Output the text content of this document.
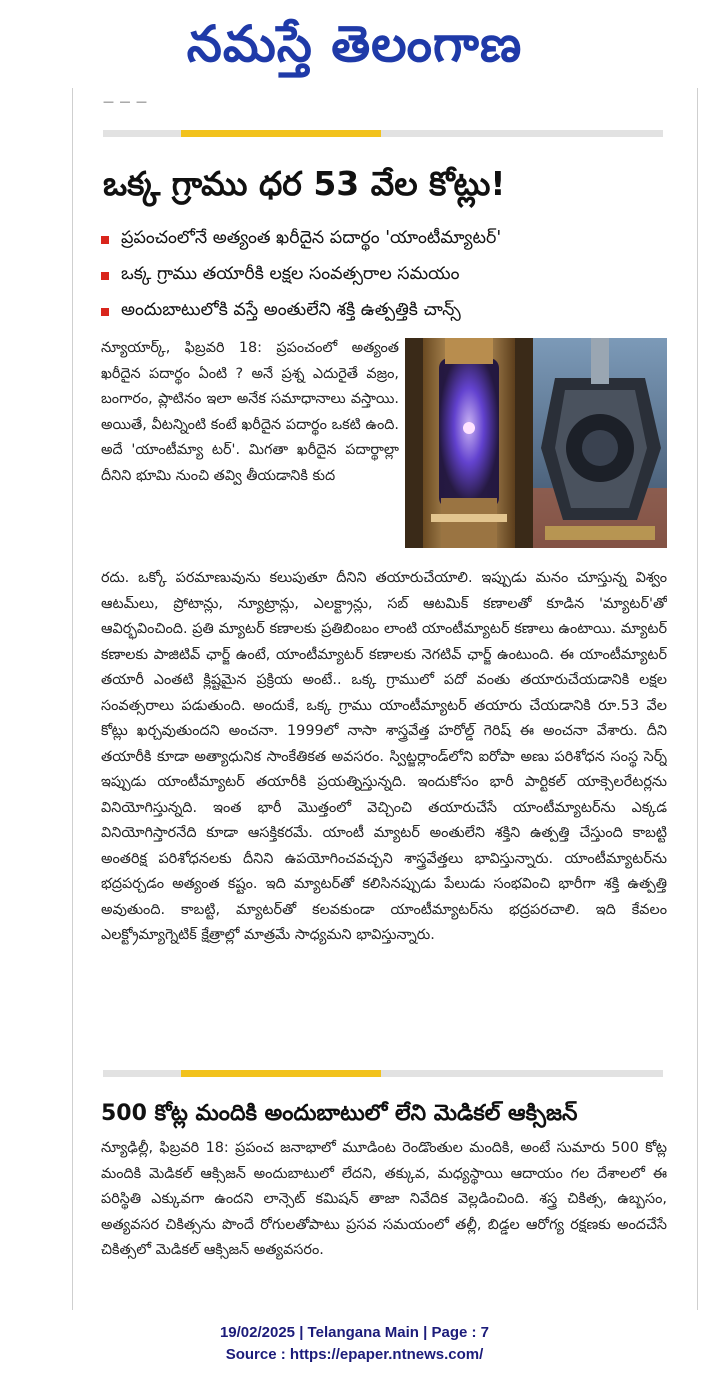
నమస్తే తెలంగాణ
— — —
ఒక్క గ్రాము ధర 53 వేల కోట్లు!
ప్రపంచంలోనే అత్యంత ఖరీదైన పదార్థం 'యాంటీమ్యాటర్'
ఒక్క గ్రాము తయారీకి లక్షల సంవత్సరాల సమయం
అందుబాటులోకి వస్తే అంతులేని శక్తి ఉత్పత్తికి చాన్స్
న్యూయార్క్, ఫిబ్రవరి 18: ప్రపంచంలో అత్యంత ఖరీదైన పదార్థం ఏంటి ? అనే ప్రశ్న ఎదురైతే వజ్రం, బంగారం, ప్లాటినం ఇలా అనేక సమాధానాలు వస్తాయి. అయితే, వీటన్నింటి కంటే ఖరీదైన పదార్థం ఒకటి ఉంది. అదే 'యాంటీమ్యా టర్'. మిగతా ఖరీదైన పదార్థాల్లా దీనిని భూమి నుంచి తవ్వి తీయడానికి కుద
రదు. ఒక్కో పరమాణువును కలుపుతూ దీనిని తయారుచేయాలి. ఇప్పుడు మనం చూస్తున్న విశ్వం ఆటమ్‌లు, ప్రోటాన్లు, న్యూట్రాన్లు, ఎలక్ట్రాన్లు, సబ్ ఆటమిక్ కణాలతో కూడిన 'మ్యాటర్'తో ఆవిర్భవించింది. ప్రతి మ్యాటర్ కణాలకు ప్రతిబింబం లాంటి యాంటీమ్యాటర్ కణాలు ఉంటాయి. మ్యాటర్ కణాలకు పాజిటివ్ ఛార్జ్ ఉంటే, యాంటీమ్యాటర్ కణాలకు నెగటివ్ ఛార్జ్ ఉంటుంది. ఈ యాంటీమ్యాటర్ తయారీ ఎంతటి క్లిష్టమైన ప్రక్రియ అంటే.. ఒక్క గ్రాములో పదో వంతు తయారుచేయడానికి లక్షల సంవత్సరాలు పడుతుంది. అందుకే, ఒక్క గ్రాము యాంటీమ్యాటర్ తయారు చేయడానికి రూ.53 వేల కోట్లు ఖర్చవుతుందని అంచనా. 1999లో నాసా శాస్త్రవేత్త హరోల్డ్ గెరిష్ ఈ అంచనా వేశారు. దీని తయారీకి కూడా అత్యాధునిక సాంకేతికత అవసరం. స్విట్జర్లాండ్‌లోని ఐరోపా అణు పరిశోధన సంస్థ సెర్న్ ఇప్పుడు యాంటీమ్యాటర్ తయారీకి ప్రయత్నిస్తున్నది. ఇందుకోసం భారీ పార్టికల్ యాక్సెలరేటర్లను వినియోగిస్తున్నది. ఇంత భారీ మొత్తంలో వెచ్చించి తయారుచేసే యాంటీమ్యాటర్‌ను ఎక్కడ వినియోగిస్తారనేది కూడా ఆసక్తికరమే. యాంటీ మ్యాటర్ అంతులేని శక్తిని ఉత్పత్తి చేస్తుంది కాబట్టి అంతరిక్ష పరిశోధనలకు దీనిని ఉపయోగించవచ్చని శాస్త్రవేత్తలు భావిస్తున్నారు. యాంటీమ్యాటర్‌ను భద్రపర్చడం అత్యంత కష్టం. ఇది మ్యాటర్‌తో కలిసినప్పుడు పేలుడు సంభవించి భారీగా శక్తి ఉత్పత్తి అవుతుంది. కాబట్టి, మ్యాటర్‌తో కలవకుండా యాంటీమ్యాటర్‌ను భద్రపరచాలి. ఇది కేవలం ఎలక్ట్రోమ్యాగ్నెటిక్ క్షేత్రాల్లో మాత్రమే సాధ్యమని భావిస్తున్నారు.
500 కోట్ల మందికి అందుబాటులో లేని మెడికల్ ఆక్సిజన్
న్యూఢిల్లీ, ఫిబ్రవరి 18: ప్రపంచ జనాభాలో మూడింట రెండొంతుల మందికి, అంటే సుమారు 500 కోట్ల మందికి మెడికల్ ఆక్సిజన్ అందుబాటులో లేదని, తక్కువ, మధ్యస్థాయి ఆదాయం గల దేశాలలో ఈ పరిస్థితి ఎక్కువగా ఉందని లాన్సెట్ కమిషన్ తాజా నివేదిక వెల్లడించింది. శస్త్ర చికిత్స, ఉబ్బసం, అత్యవసర చికిత్సను పొందే రోగులతోపాటు ప్రసవ సమయంలో తల్లీ, బిడ్డల ఆరోగ్య రక్షణకు అందచేసే చికిత్సలో మెడికల్ ఆక్సిజన్ అత్యవసరం.
19/02/2025 | Telangana Main | Page : 7
Source : https://epaper.ntnews.com/
